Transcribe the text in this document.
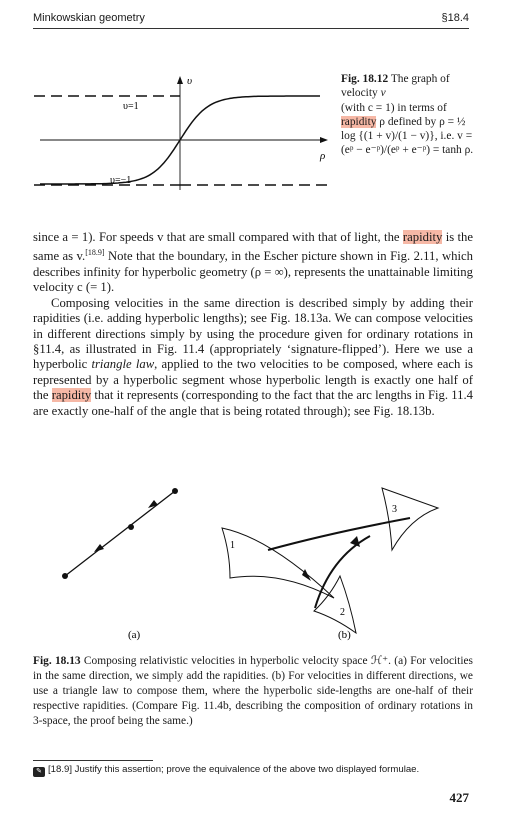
Minkowskian geometry	§18.4
υ
ρ
υ=1
υ=−1
Fig. 18.12 The graph of velocity v
(with c = 1) in terms of rapidity ρ defined by ρ = ½ log {(1 + v)/(1 − v)}, i.e. v = (eᵖ − e⁻ᵖ)/(eᵖ + e⁻ᵖ) = tanh ρ.

since a = 1). For speeds v that are small compared with that of light, the rapidity is the same as v.[18.9] Note that the boundary, in the Escher picture shown in Fig. 2.11, which describes infinity for hyperbolic geometry (ρ = ∞), represents the unattainable limiting velocity c (= 1).

Composing velocities in the same direction is described simply by adding their rapidities (i.e. adding hyperbolic lengths); see Fig. 18.13a. We can compose velocities in different directions simply by using the procedure given for ordinary rotations in §11.4, as illustrated in Fig. 11.4 (appropriately ‘signature-flipped’). Here we use a hyperbolic triangle law, applied to the two velocities to be composed, where each is represented by a hyperbolic segment whose hyperbolic length is exactly one half of the rapidity that it represents (corresponding to the fact that the arc lengths in Fig. 11.4 are exactly one-half of the angle that is being rotated through); see Fig. 18.13b.

(a)
1
2
3
(b)
Fig. 18.13 Composing relativistic velocities in hyperbolic velocity space ℋ⁺. (a) For velocities in the same direction, we simply add the rapidities. (b) For velocities in different directions, we use a triangle law to compose them, where the hyperbolic side-lengths are one-half of their respective rapidities. (Compare Fig. 11.4b, describing the composition of ordinary rotations in 3-space, the proof being the same.)
✎ [18.9] Justify this assertion; prove the equivalence of the above two displayed formulae.
427
